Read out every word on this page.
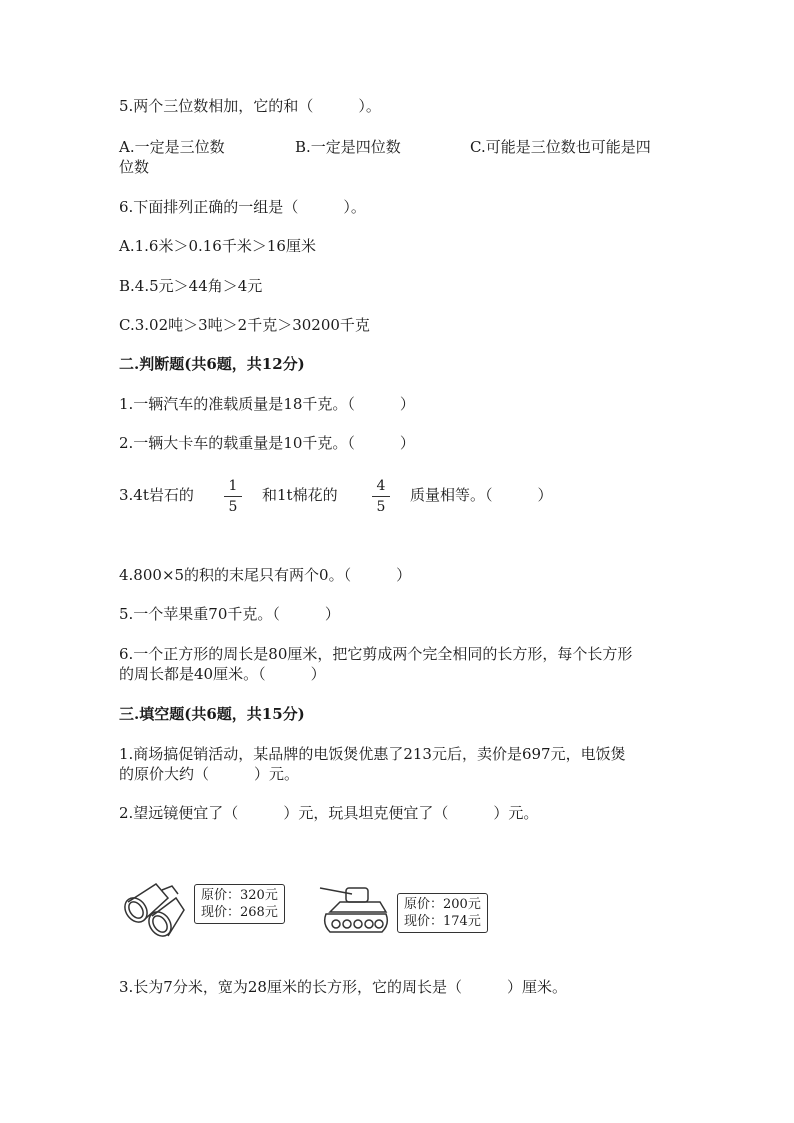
5.两个三位数相加，它的和（　　　）。
A.一定是三位数	B.一定是四位数	C.可能是三位数也可能是四
位数
6.下面排列正确的一组是（　　　）。
A.1.6米＞0.16千米＞16厘米
B.4.5元＞44角＞4元
C.3.02吨＞3吨＞2千克＞30200千克
二.判断题(共6题，共12分)
1.一辆汽车的准载质量是18千克。（　　　）
2.一辆大卡车的载重量是10千克。（　　　）
3.4t岩石的	1
5
和1t棉花的	4
5
质量相等。（　　　）
4.800×5的积的末尾只有两个0。（　　　）
5.一个苹果重70千克。（　　　）
6.一个正方形的周长是80厘米，把它剪成两个完全相同的长方形，每个长方形
的周长都是40厘米。（　　　）
三.填空题(共6题，共15分)
1.商场搞促销活动，某品牌的电饭煲优惠了213元后，卖价是697元，电饭煲
的原价大约（　　　）元。
2.望远镜便宜了（　　　）元，玩具坦克便宜了（　　　）元。
原价：320元
现价：268元
原价：200元
现价：174元
3.长为7分米，宽为28厘米的长方形，它的周长是（　　　）厘米。
